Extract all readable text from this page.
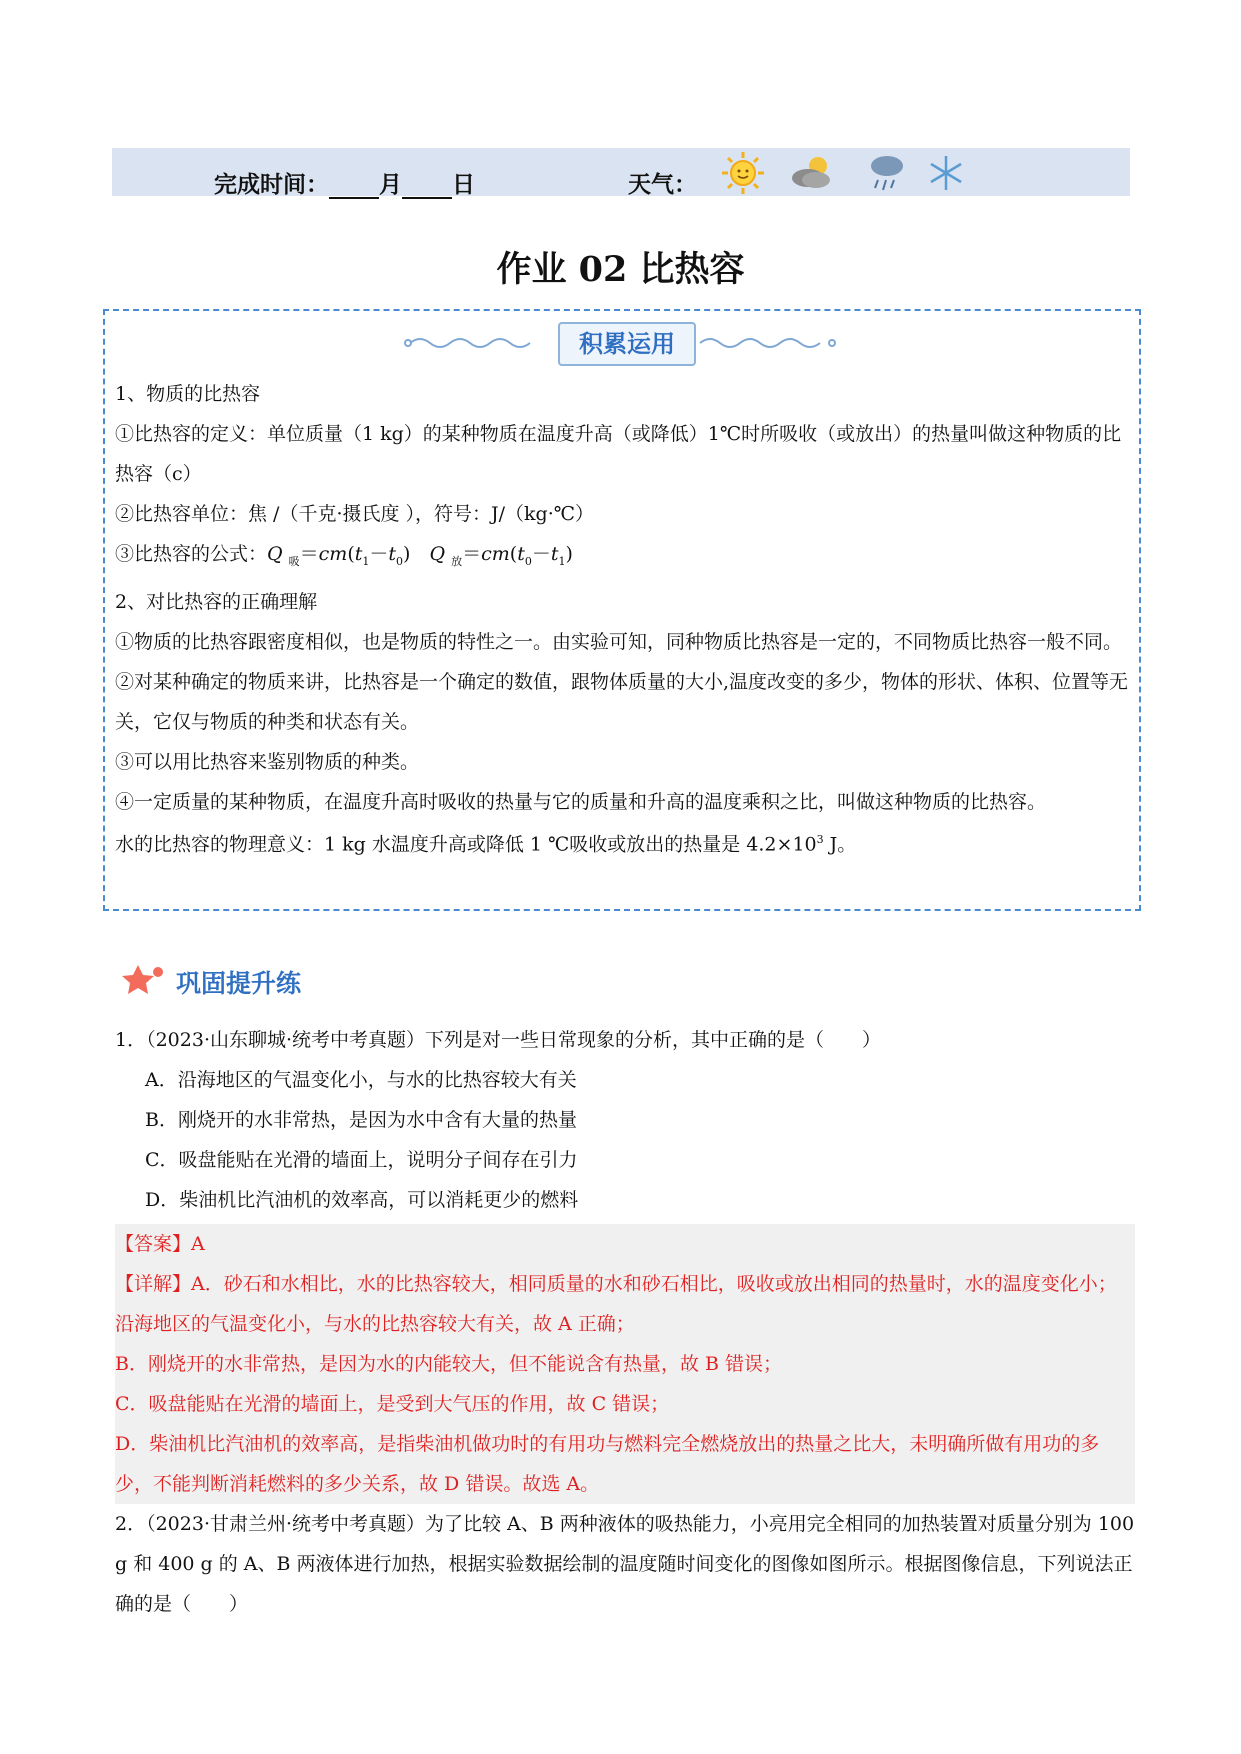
完成时间： 月 日	天气：
作业 02 比热容
积累运用

1、物质的比热容

①比热容的定义：单位质量（1 kg）的某种物质在温度升高（或降低）1℃时所吸收（或放出）的热量叫做这种物质的比热容（c）

②比热容单位：焦 /（千克·摄氏度 ），符号：J/（kg·℃）

③比热容的公式：Q $_吸=cm(t_1-t_0)$　Q $_放=cm(t_0-t_1)$

2、对比热容的正确理解

①物质的比热容跟密度相似，也是物质的特性之一。由实验可知，同种物质比热容是一定的，不同物质比热容一般不同。

②对某种确定的物质来讲，比热容是一个确定的数值，跟物体质量的大小,温度改变的多少，物体的形状、体积、位置等无关，它仅与物质的种类和状态有关。

③可以用比热容来鉴别物质的种类。

④一定质量的某种物质，在温度升高时吸收的热量与它的质量和升高的温度乘积之比，叫做这种物质的比热容。

水的比热容的物理意义：1 kg 水温度升高或降低 1 ℃吸收或放出的热量是 $4.2\times 10^3$ J。

巩固提升练

1．（2023·山东聊城·统考中考真题）下列是对一些日常现象的分析，其中正确的是（　　）

A．沿海地区的气温变化小，与水的比热容较大有关

B．刚烧开的水非常热，是因为水中含有大量的热量

C．吸盘能贴在光滑的墙面上，说明分子间存在引力

D．柴油机比汽油机的效率高，可以消耗更少的燃料

【答案】A

【详解】A．砂石和水相比，水的比热容较大，相同质量的水和砂石相比，吸收或放出相同的热量时，水的温度变化小；沿海地区的气温变化小，与水的比热容较大有关，故 A 正确；

B．刚烧开的水非常热，是因为水的内能较大，但不能说含有热量，故 B 错误；

C．吸盘能贴在光滑的墙面上，是受到大气压的作用，故 C 错误；

D．柴油机比汽油机的效率高，是指柴油机做功时的有用功与燃料完全燃烧放出的热量之比大，未明确所做有用功的多少，不能判断消耗燃料的多少关系，故 D 错误。故选 A。

2．（2023·甘肃兰州·统考中考真题）为了比较 A、B 两种液体的吸热能力，小亮用完全相同的加热装置对质量分别为 100 g 和 400 g 的 A、B 两液体进行加热，根据实验数据绘制的温度随时间变化的图像如图所示。根据图像信息，下列说法正确的是（　　）
